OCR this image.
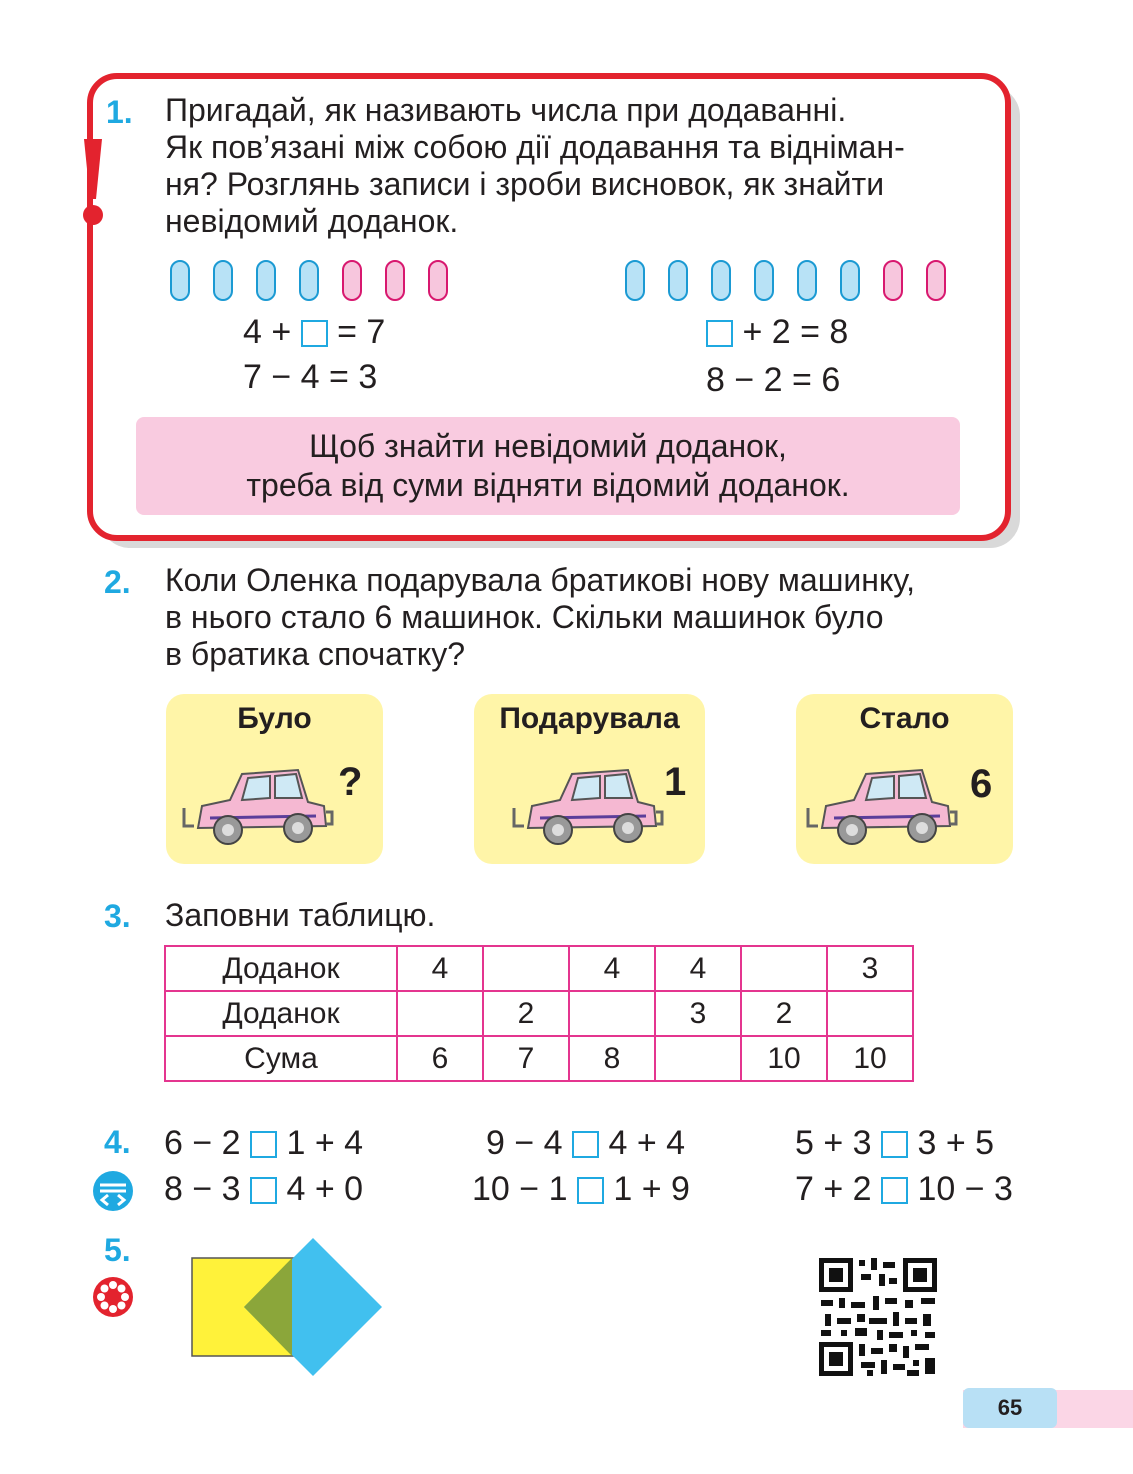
1. Пригадай, як називають числа при додаванні.
Як пов’язані між собою дії додавання та відніман-
ня? Розглянь записи і зроби висновок, як знайти
невідомий доданок.
4 + = 7
7 − 4 = 3
+ 2 = 8
8 − 2 = 6
Щоб знайти невідомий доданок,
треба від суми відняти відомий доданок.
2. Коли Оленка подарувала братикові нову машинку,
в нього стало 6 машинок. Скільки машинок було
в братика спочатку?
Було
?
Подарувала
1
Стало
6
3. Заповни таблицю.
Доданок	4		4	4		3

Доданок		2		3	2	

Сума	6	7	8		10	10
4. 6 − 2 1 + 4	9 − 4 4 + 4	5 + 3 3 + 5
8 − 3 4 + 0	10 − 1 1 + 9	7 + 2 10 − 3
5.
65
